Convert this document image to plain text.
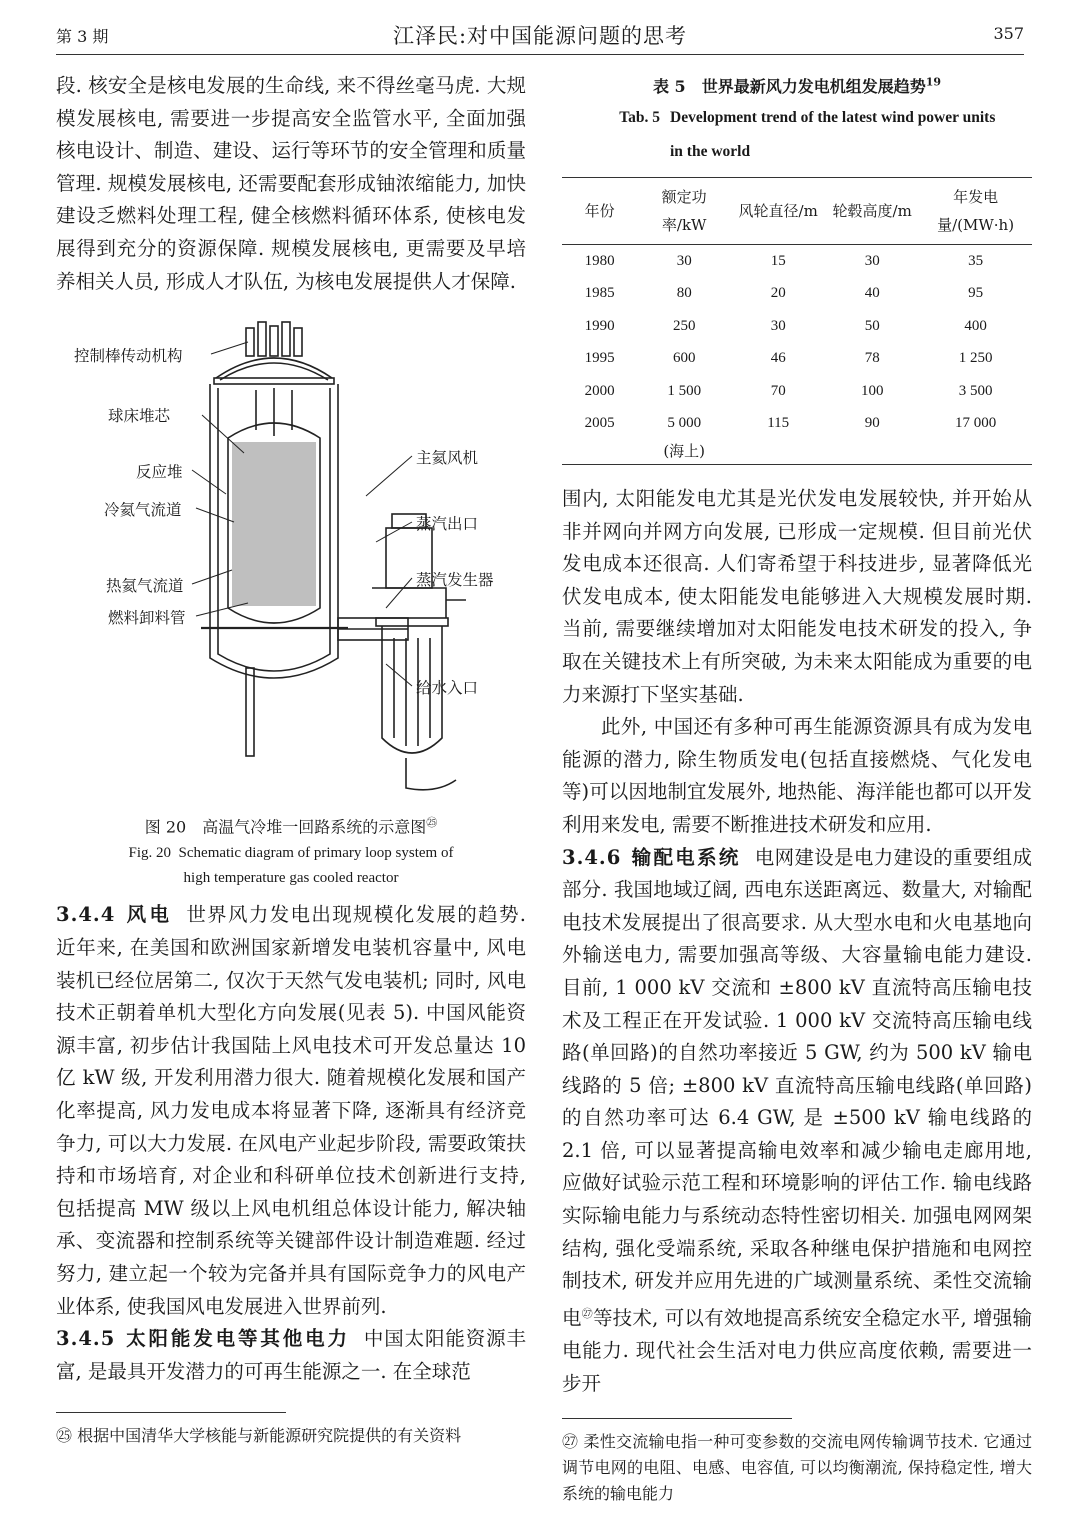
第 3 期	江泽民:对中国能源问题的思考	357

段. 核安全是核电发展的生命线, 来不得丝毫马虎. 大规模发展核电, 需要进一步提高安全监管水平, 全面加强核电设计、制造、建设、运行等环节的安全管理和质量管理. 规模发展核电, 还需要配套形成铀浓缩能力, 加快建设乏燃料处理工程, 健全核燃料循环体系, 使核电发展得到充分的资源保障. 规模发展核电, 更需要及早培养相关人员, 形成人才队伍, 为核电发展提供人才保障.

控制棒传动机构
球床堆芯
反应堆
冷氦气流道
热氦气流道
燃料卸料管
主氦风机
蒸汽出口
蒸汽发生器
给水入口
图 20　高温气冷堆一回路系统的示意图$^㉕$
Fig. 20 Schematic diagram of primary loop system of
high temperature gas cooled reactor

3.4.4 风电 世界风力发电出现规模化发展的趋势. 近年来, 在美国和欧洲国家新增发电装机容量中, 风电装机已经位居第二, 仅次于天然气发电装机; 同时, 风电技术正朝着单机大型化方向发展(见表 5). 中国风能资源丰富, 初步估计我国陆上风电技术可开发总量达 10 亿 kW 级, 开发利用潜力很大. 随着规模化发展和国产化率提高, 风力发电成本将显著下降, 逐渐具有经济竞争力, 可以大力发展. 在风电产业起步阶段, 需要政策扶持和市场培育, 对企业和科研单位技术创新进行支持, 包括提高 MW 级以上风电机组总体设计能力, 解决轴承、变流器和控制系统等关键部件设计制造难题. 经过努力, 建立起一个较为完备并具有国际竞争力的风电产业体系, 使我国风电发展进入世界前列.

3.4.5 太阳能发电等其他电力 中国太阳能资源丰富, 是最具开发潜力的可再生能源之一. 在全球范

㉕ 根据中国清华大学核能与新能源研究院提供的有关资料
表 5　世界最新风力发电机组发展趋势$^{19}$
Tab. 5 Development trend of the latest wind power units in the world
年份	额定功率/kW	风轮直径/m	轮毂高度/m	年发电量/(MW·h)
1980	30	15	30	35
1985	80	20	40	95
1990	250	30	50	400
1995	600	46	78	1 250
2000	1 500	70	100	3 500
2005	5 000	115	90	17 000
	(海上)			

围内, 太阳能发电尤其是光伏发电发展较快, 并开始从非并网向并网方向发展, 已形成一定规模. 但目前光伏发电成本还很高. 人们寄希望于科技进步, 显著降低光伏发电成本, 使太阳能发电能够进入大规模发展时期. 当前, 需要继续增加对太阳能发电技术研发的投入, 争取在关键技术上有所突破, 为未来太阳能成为重要的电力来源打下坚实基础.

此外, 中国还有多种可再生能源资源具有成为发电能源的潜力, 除生物质发电(包括直接燃烧、气化发电等)可以因地制宜发展外, 地热能、海洋能也都可以开发利用来发电, 需要不断推进技术研发和应用.

3.4.6 输配电系统 电网建设是电力建设的重要组成部分. 我国地域辽阔, 西电东送距离远、数量大, 对输配电技术发展提出了很高要求. 从大型水电和火电基地向外输送电力, 需要加强高等级、大容量输电能力建设. 目前, 1 000 kV 交流和 ±800 kV 直流特高压输电技术及工程正在开发试验. 1 000 kV 交流特高压输电线路(单回路)的自然功率接近 5 GW, 约为 500 kV 输电线路的 5 倍; ±800 kV 直流特高压输电线路(单回路)的自然功率可达 6.4 GW, 是 ±500 kV 输电线路的 2.1 倍, 可以显著提高输电效率和减少输电走廊用地, 应做好试验示范工程和环境影响的评估工作. 输电线路实际输电能力与系统动态特性密切相关. 加强电网网架结构, 强化受端系统, 采取各种继电保护措施和电网控制技术, 研发并应用先进的广域测量系统、柔性交流输电$^㉗$等技术, 可以有效地提高系统安全稳定水平, 增强输电能力. 现代社会生活对电力供应高度依赖, 需要进一步开

㉗ 柔性交流输电指一种可变参数的交流电网传输调节技术. 它通过调节电网的电阻、电感、电容值, 可以均衡潮流, 保持稳定性, 增大系统的输电能力
